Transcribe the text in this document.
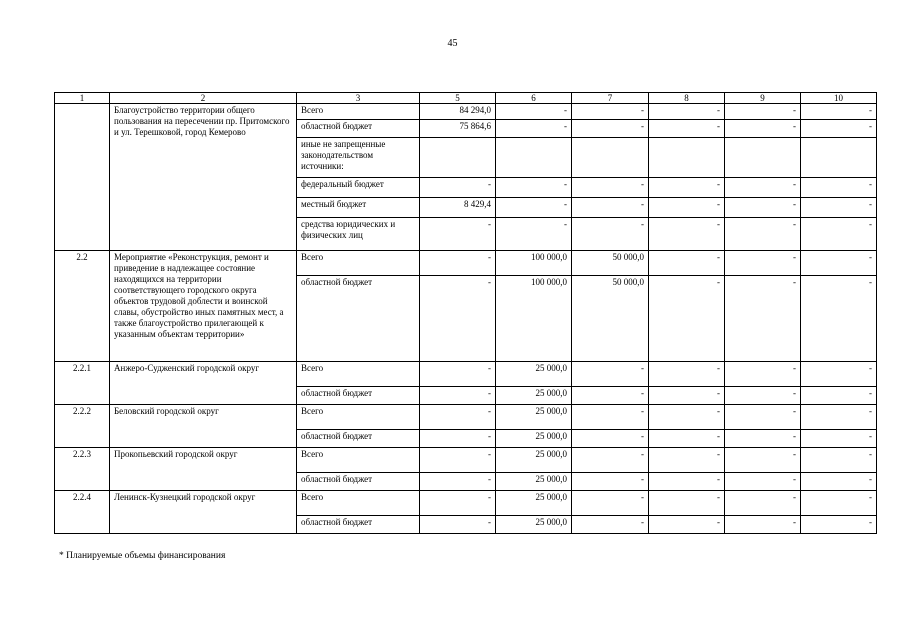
45
1	2	3	5	6	7	8	9	10
	Благоустройство территории общего пользования на пересечении пр. Притомского и ул. Терешковой, город Кемерово	Всего	84 294,0	-	-	-	-	-
		областной бюджет	75 864,6	-	-	-	-	-
		иные не запрещенные законодательством источники:						
		федеральный бюджет	-	-	-	-	-	-
		местный бюджет	8 429,4	-	-	-	-	-
		средства юридических и физических лиц	-	-	-	-	-	-
2.2	Мероприятие «Реконструкция, ремонт и приведение в надлежащее состояние находящихся на территории соответствующего городского округа объектов трудовой доблести и воинской славы, обустройство иных памятных мест, а также благоустройство прилегающей к указанным объектам территории»	Всего	-	100 000,0	50 000,0	-	-	-
		областной бюджет	-	100 000,0	50 000,0	-	-	-
2.2.1	Анжеро-Судженский городской округ	Всего	-	25 000,0	-	-	-	-
		областной бюджет	-	25 000,0	-	-	-	-
2.2.2	Беловский городской округ	Всего	-	25 000,0	-	-	-	-
		областной бюджет	-	25 000,0	-	-	-	-
2.2.3	Прокопьевский городской округ	Всего	-	25 000,0	-	-	-	-
		областной бюджет	-	25 000,0	-	-	-	-
2.2.4	Ленинск-Кузнецкий городской округ	Всего	-	25 000,0	-	-	-	-
		областной бюджет	-	25 000,0	-	-	-	-
* Планируемые объемы финансирования
